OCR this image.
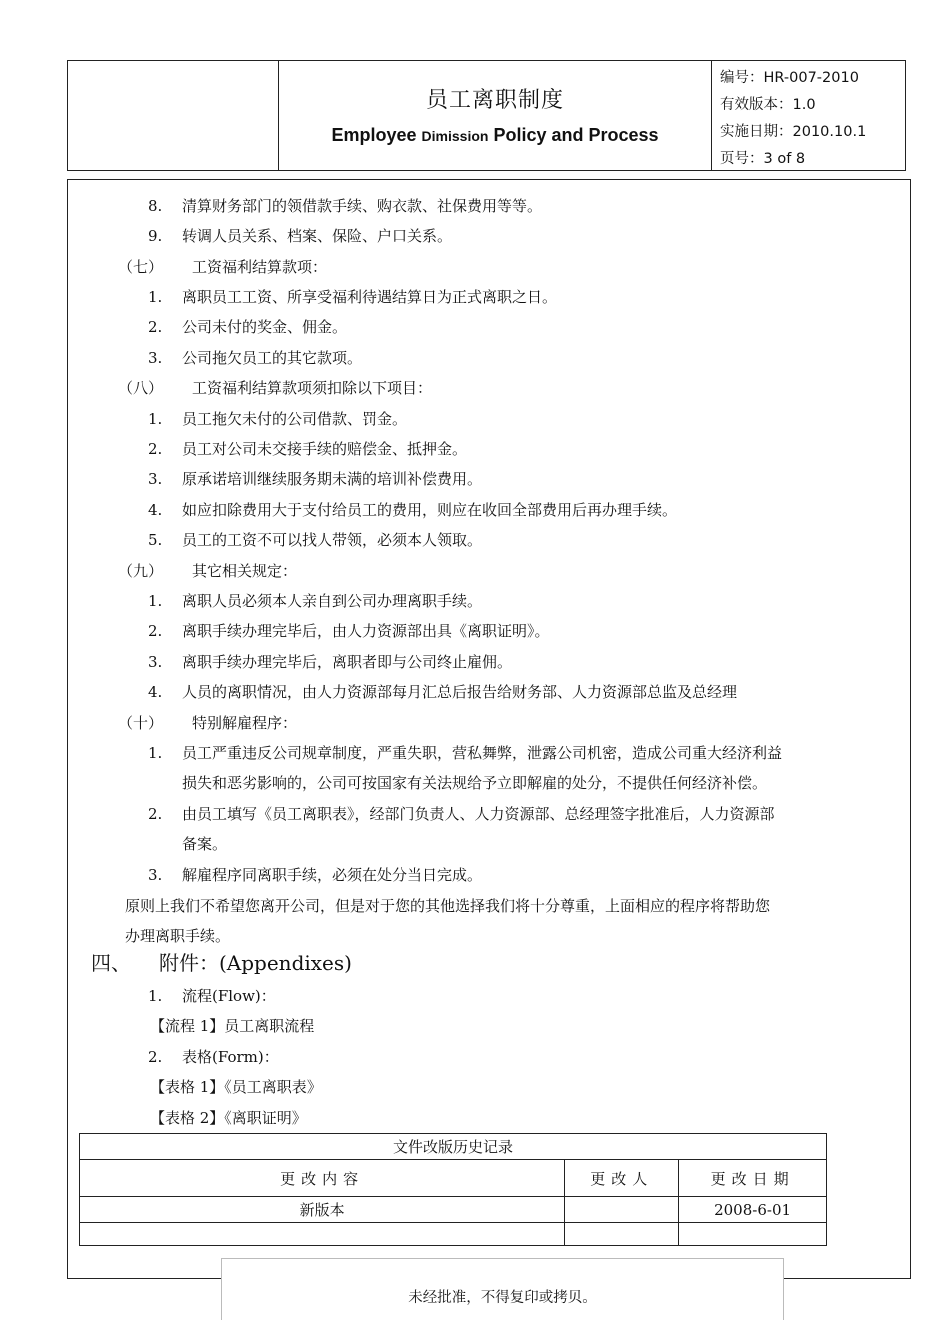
员工离职制度
Employee Dimission Policy and Process
编号：HR-007-2010
有效版本：1.0
实施日期：2010.10.1
页号：3 of 8
8. 清算财务部门的领借款手续、购衣款、社保费用等等。
9. 转调人员关系、档案、保险、户口关系。
（七） 工资福利结算款项：
1. 离职员工工资、所享受福利待遇结算日为正式离职之日。
2. 公司未付的奖金、佣金。
3. 公司拖欠员工的其它款项。
（八） 工资福利结算款项须扣除以下项目：
1. 员工拖欠未付的公司借款、罚金。
2. 员工对公司未交接手续的赔偿金、抵押金。
3. 原承诺培训继续服务期未满的培训补偿费用。
4. 如应扣除费用大于支付给员工的费用，则应在收回全部费用后再办理手续。
5. 员工的工资不可以找人带领，必须本人领取。
（九） 其它相关规定：
1. 离职人员必须本人亲自到公司办理离职手续。
2. 离职手续办理完毕后，由人力资源部出具《离职证明》。
3. 离职手续办理完毕后，离职者即与公司终止雇佣。
4. 人员的离职情况，由人力资源部每月汇总后报告给财务部、人力资源部总监及总经理
（十） 特别解雇程序：
1. 员工严重违反公司规章制度，严重失职，营私舞弊，泄露公司机密，造成公司重大经济利益
损失和恶劣影响的，公司可按国家有关法规给予立即解雇的处分，不提供任何经济补偿。
2. 由员工填写《员工离职表》，经部门负责人、人力资源部、总经理签字批准后，人力资源部
备案。
3. 解雇程序同离职手续，必须在处分当日完成。
原则上我们不希望您离开公司，但是对于您的其他选择我们将十分尊重，上面相应的程序将帮助您
办理离职手续。
四、 附件：(Appendixes)
1. 流程(Flow)：
【流程 1】员工离职流程
2. 表格(Form)：
【表格 1】《员工离职表》
【表格 2】《离职证明》
文件改版历史记录		
更改内容	更改人	更改日期
新版本		2008-6-01

未经批准，不得复印或拷贝。
